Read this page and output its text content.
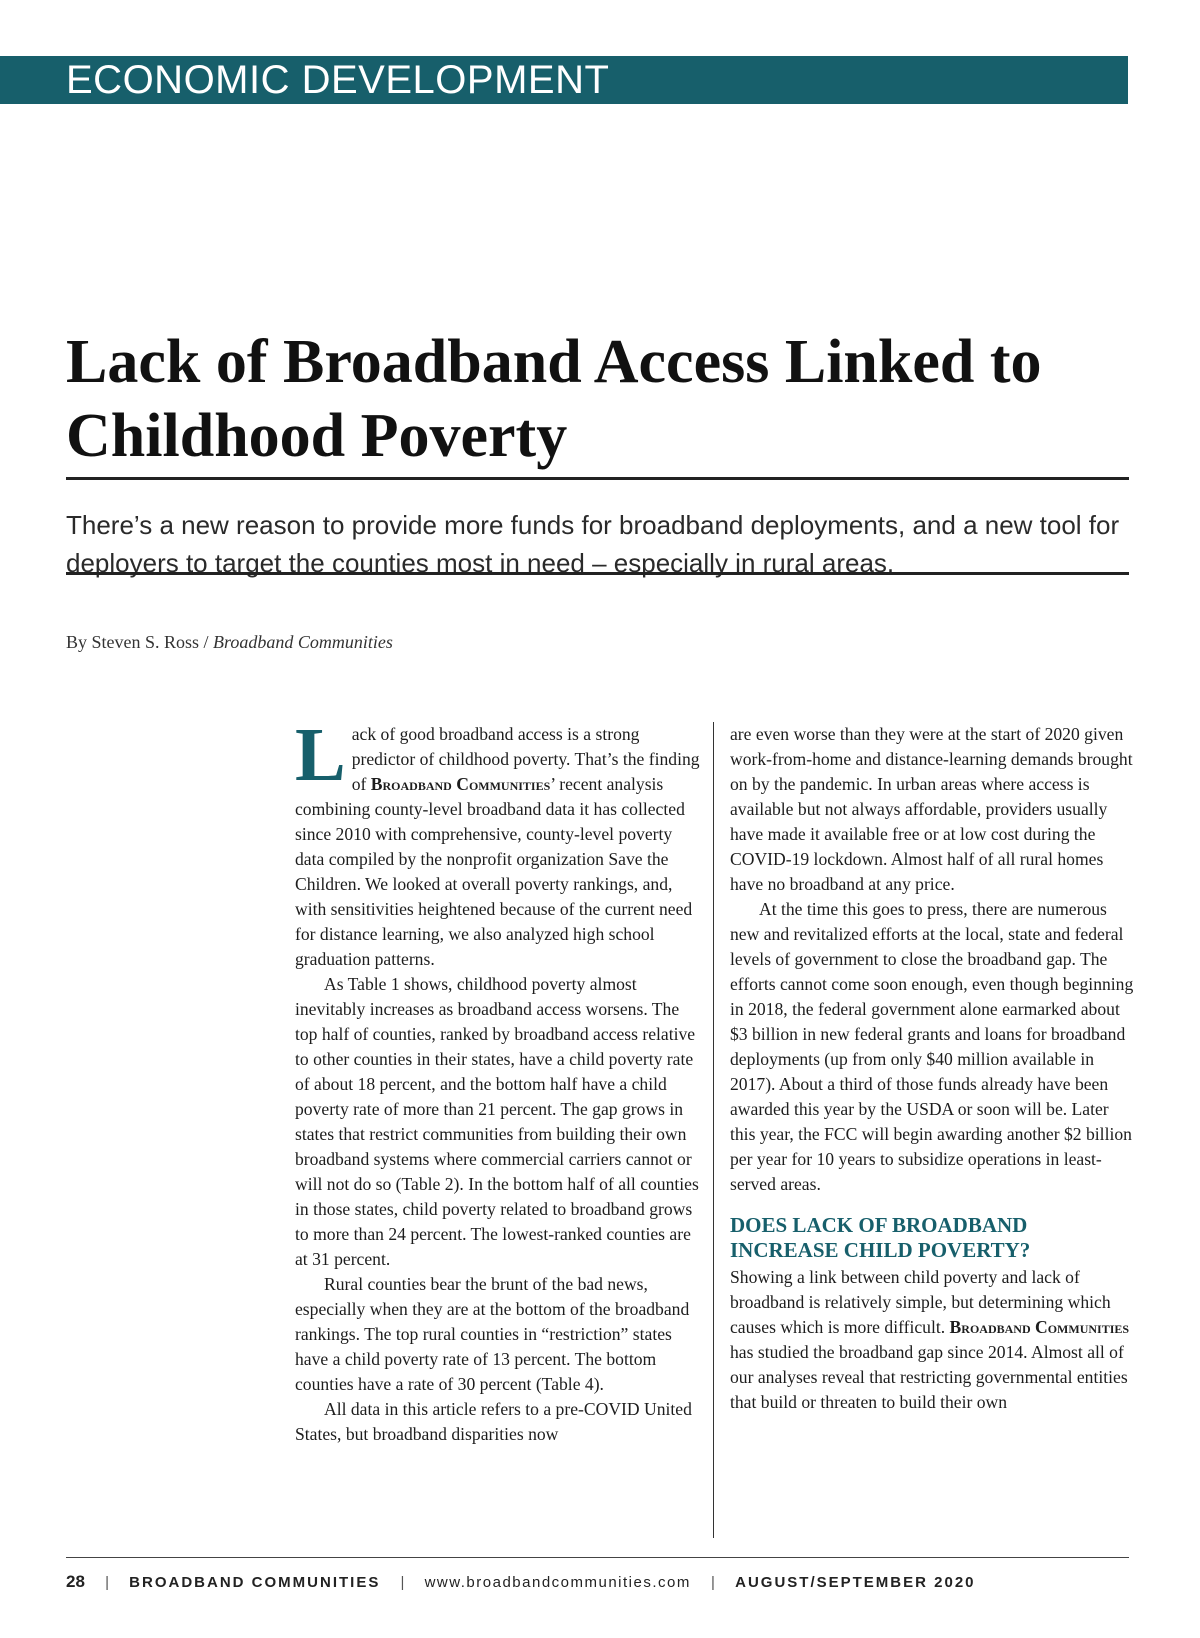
ECONOMIC DEVELOPMENT
Lack of Broadband Access Linked to
Childhood Poverty

There’s a new reason to provide more funds for broadband deployments, and a new tool for deployers to target the counties most in need – especially in rural areas.

By Steven S. Ross / Broadband Communities

Lack of good broadband access is a strong predictor of childhood poverty. That’s the finding of Broadband Communities’ recent analysis combining county-level broadband data it has collected since 2010 with comprehensive, county-level poverty data compiled by the nonprofit organization Save the Children. We looked at overall poverty rankings, and, with sensitivities heightened because of the current need for distance learning, we also analyzed high school graduation patterns.

As Table 1 shows, childhood poverty almost inevitably increases as broadband access worsens. The top half of counties, ranked by broadband access relative to other counties in their states, have a child poverty rate of about 18 percent, and the bottom half have a child poverty rate of more than 21 percent. The gap grows in states that restrict communities from building their own broadband systems where commercial carriers cannot or will not do so (Table 2). In the bottom half of all counties in those states, child poverty related to broadband grows to more than 24 percent. The lowest-ranked counties are at 31 percent.

Rural counties bear the brunt of the bad news, especially when they are at the bottom of the broadband rankings. The top rural counties in “restriction” states have a child poverty rate of 13 percent. The bottom counties have a rate of 30 percent (Table 4).

All data in this article refers to a pre-COVID United States, but broadband disparities now

are even worse than they were at the start of 2020 given work-from-home and distance-learning demands brought on by the pandemic. In urban areas where access is available but not always affordable, providers usually have made it available free or at low cost during the COVID-19 lockdown. Almost half of all rural homes have no broadband at any price.

At the time this goes to press, there are numerous new and revitalized efforts at the local, state and federal levels of government to close the broadband gap. The efforts cannot come soon enough, even though beginning in 2018, the federal government alone earmarked about $3 billion in new federal grants and loans for broadband deployments (up from only $40 million available in 2017). About a third of those funds already have been awarded this year by the USDA or soon will be. Later this year, the FCC will begin awarding another $2 billion per year for 10 years to subsidize operations in least-served areas.

DOES LACK OF BROADBAND
INCREASE CHILD POVERTY?

Showing a link between child poverty and lack of broadband is relatively simple, but determining which causes which is more difficult. Broadband Communities has studied the broadband gap since 2014. Almost all of our analyses reveal that restricting governmental entities that build or threaten to build their own

28 | BROADBAND COMMUNITIES | www.broadbandcommunities.com | AUGUST/SEPTEMBER 2020
